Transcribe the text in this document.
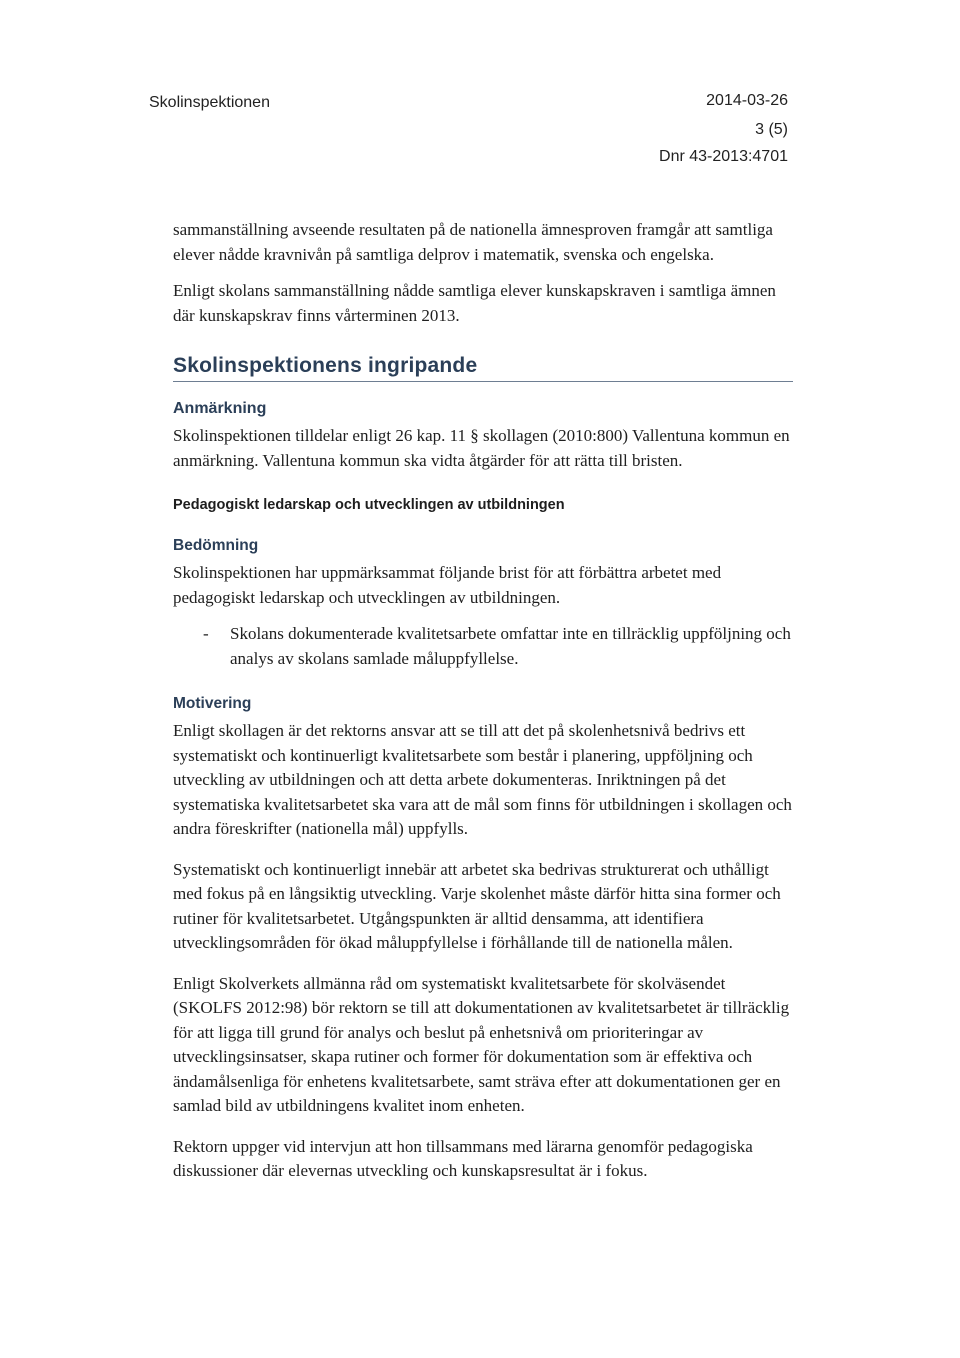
Skolinspektionen	2014-03-26
3 (5)
Dnr 43-2013:4701

sammanställning avseende resultaten på de nationella ämnesproven framgår att samtliga elever nådde kravnivån på samtliga delprov i matematik, svenska och engelska.

Enligt skolans sammanställning nådde samtliga elever kunskapskraven i samtliga ämnen där kunskapskrav finns vårterminen 2013.

Skolinspektionens ingripande
Anmärkning

Skolinspektionen tilldelar enligt 26 kap. 11 § skollagen (2010:800) Vallentuna kommun en anmärkning. Vallentuna kommun ska vidta åtgärder för att rätta till bristen.

Pedagogiskt ledarskap och utvecklingen av utbildningen
Bedömning

Skolinspektionen har uppmärksammat följande brist för att förbättra arbetet med pedagogiskt ledarskap och utvecklingen av utbildningen.

-	Skolans dokumenterade kvalitetsarbete omfattar inte en tillräcklig uppföljning och analys av skolans samlade måluppfyllelse.

Motivering

Enligt skollagen är det rektorns ansvar att se till att det på skolenhetsnivå bedrivs ett systematiskt och kontinuerligt kvalitetsarbete som består i planering, uppföljning och utveckling av utbildningen och att detta arbete dokumenteras. Inriktningen på det systematiska kvalitetsarbetet ska vara att de mål som finns för utbildningen i skollagen och andra föreskrifter (nationella mål) uppfylls.

Systematiskt och kontinuerligt innebär att arbetet ska bedrivas strukturerat och uthålligt med fokus på en långsiktig utveckling. Varje skolenhet måste därför hitta sina former och rutiner för kvalitetsarbetet. Utgångspunkten är alltid densamma, att identifiera utvecklingsområden för ökad måluppfyllelse i förhållande till de nationella målen.

Enligt Skolverkets allmänna råd om systematiskt kvalitetsarbete för skolväsendet (SKOLFS 2012:98) bör rektorn se till att dokumentationen av kvalitetsarbetet är tillräcklig för att ligga till grund för analys och beslut på enhetsnivå om prioriteringar av utvecklingsinsatser, skapa rutiner och former för dokumentation som är effektiva och ändamålsenliga för enhetens kvalitetsarbete, samt sträva efter att dokumentationen ger en samlad bild av utbildningens kvalitet inom enheten.

Rektorn uppger vid intervjun att hon tillsammans med lärarna genomför pedagogiska diskussioner där elevernas utveckling och kunskapsresultat är i fokus.
